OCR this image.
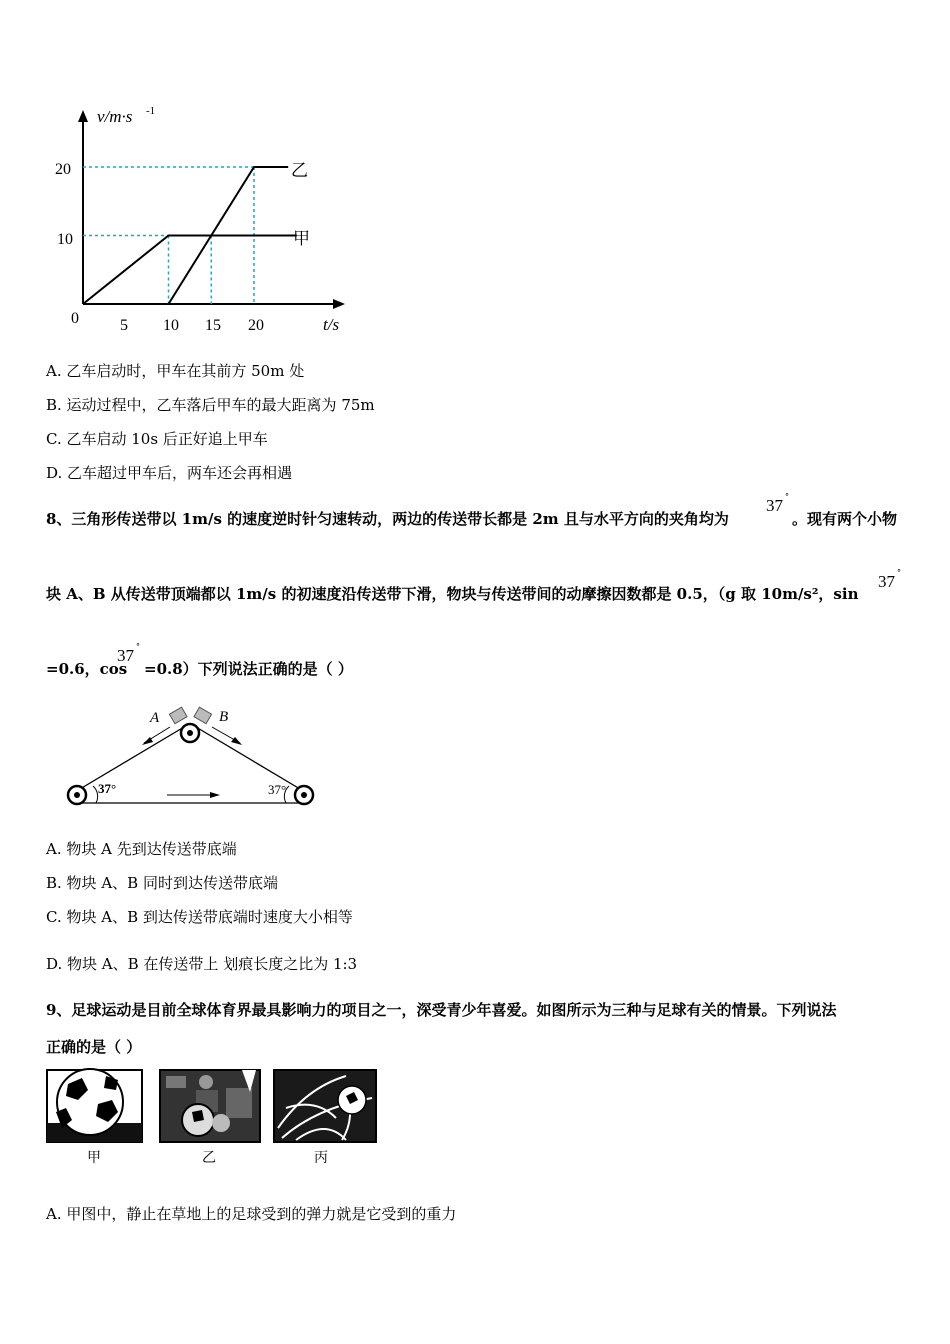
v/m·s -1
t/s
0
20
10
5 10 15 20
乙
甲
A. 乙车启动时，甲车在其前方 50m 处
B. 运动过程中，乙车落后甲车的最大距离为 75m
C. 乙车启动 10s 后正好追上甲车
D. 乙车超过甲车后，两车还会再相遇
8、三角形传送带以 1m/s 的速度逆时针匀速转动，两边的传送带长都是 2m 且与水平方向的夹角均为
37 °
。现有两个小物
块 A、B 从传送带顶端都以 1m/s 的初速度沿传送带下滑，物块与传送带间的动摩擦因数都是 0.5，（g 取 10m/s²，sin
37 °
=0.6，cos
37 °
=0.8）下列说法正确的是（ ）
A	B
37°	37°
A. 物块 A 先到达传送带底端
B. 物块 A、B 同时到达传送带底端
C. 物块 A、B 到达传送带底端时速度大小相等
D. 物块 A、B 在传送带上 划痕长度之比为 1:3
9、足球运动是目前全球体育界最具影响力的项目之一，深受青少年喜爱。如图所示为三种与足球有关的情景。下列说法
正确的是（ ）
甲	乙	丙
A. 甲图中，静止在草地上的足球受到的弹力就是它受到的重力
